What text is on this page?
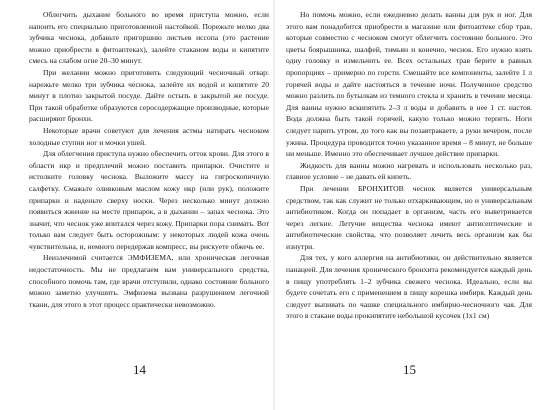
Облегчить дыхание больного во время приступа можно, если напоить его специально приготовленной настойкой. Порежьте мелко два зубчика чеснока, добавьте пригоршню листьев иссопа (это растение можно приобрести в фитоаптеках), залейте стаканом воды и кипятите смесь на слабом огне 20–30 минут.

При желании можно приготовить следующий чесночный отвар: нарежьте мелко три зубчика чеснока, залейте их водой и кипятите 20 минут в плотно закрытой посуде. Дайте остыть в закрытой же посуде. При такой обработке образуются серосодержащие производные, которые расширяют бронхи.

Некоторые врачи советуют для лечения астмы натирать чесноком холодные ступни ног и мочки ушей.

Для облегчения приступа нужно обеспечить отток крови. Для этого в области икр и предплечий можно поставить припарки. Очистите и истолките головку чеснока. Выложите массу на гигроскопичную салфетку. Смажьте оливковым маслом кожу икр (или рук), положите припарки и наденьте сверху носки. Через несколько минут должно появиться жжение на месте припарок, а в дыхании – запах чеснока. Это значит, что чеснок уже впитался через кожу. Припарки пора снимать. Вот только вам следует быть осторожным: у некоторых людей кожа очень чувствительна, и, немного передержав компресс, вы рискуете обжечь ее.

Неизлечимой считается ЭМФИЗЕМА, или хроническая легочная недостаточность. Мы не предлагаем вам универсального средства, способного помочь там, где врачи отступили, однако состояние больного можно заметно улучшить. Эмфизема вызвана разрушением легочной ткани, для этого в этот процесс практически невозможно.

14

Но помочь можно, если ежедневно делать ванны для рук и ног. Для этого вам понадобится приобрести в магазине или фитоаптеке сбор трав, которые совместно с чесноком смогут облегчить состояние больного. Это цветы боярышника, шалфей, тимьян и конечно, чеснок. Его нужно взять одну головку и измельчить ее. Всех остальных трав берите в равных пропорциях – примерно по горсти. Смешайте все компоненты, залейте 1 л горячей воды и дайте настояться в течение ночи. Полученное средство можно разлить по бутылкам из темного стекла и хранить в течение месяца. Для ванны нужно вскипятить 2–3 л воды и добавить в нее 1 ст. настоя. Вода должна быть такой горячей, какую только можно терпеть. Ноги следует парить утром, до того как вы позавтракаете, а руки вечером, после ужина. Процедура проводится точно указанное время – 8 минут, не больше ни меньше. Именно это обеспечивает лучшее действие припарки.

Жидкость для ванны можно нагревать и использовать несколько раз, главное условие – не давать ей кипеть.

При лечении БРОНХИТОВ чеснок является универсальным средством, так как служит не только отхаркивающим, но и универсальным антибиотиком. Когда он попадает в организм, часть его выветривается через легкие. Летучие вещества чеснока имеют антисептические и антибиотические свойства, что позволяет лечить весь организм как бы изнутри.

Для тех, у кого аллергия на антибиотики, он действительно является панацеей. Для лечения хронического бронхита рекомендуется каждый день в пищу употреблять 1–2 зубчика свежего чеснока. Идеально, если вы будете сочетать его с применением в пищу корешка имбиря. Каждый день следует выпивать по чашке специального имбирно-чесночного чая. Для этого в стакане воды прокипятите небольшой кусочек (1х1 см)

15
